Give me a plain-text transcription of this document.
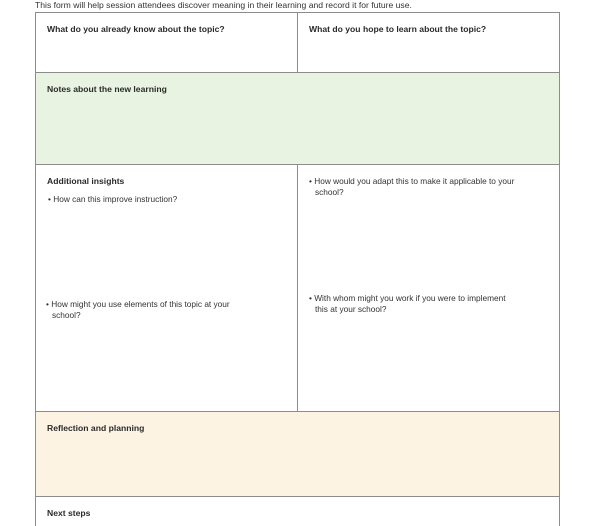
This form will help session attendees discover meaning in their learning and record it for future use.
What do you already know about the topic?	What do you hope to learn about the topic?
Notes about the new learning
Additional insights
• How can this improve instruction?
• How would you adapt this to make it applicable to your
school?
• How might you use elements of this topic at your
school?
• With whom might you work if you were to implement
this at your school?
Reflection and planning
Next steps
